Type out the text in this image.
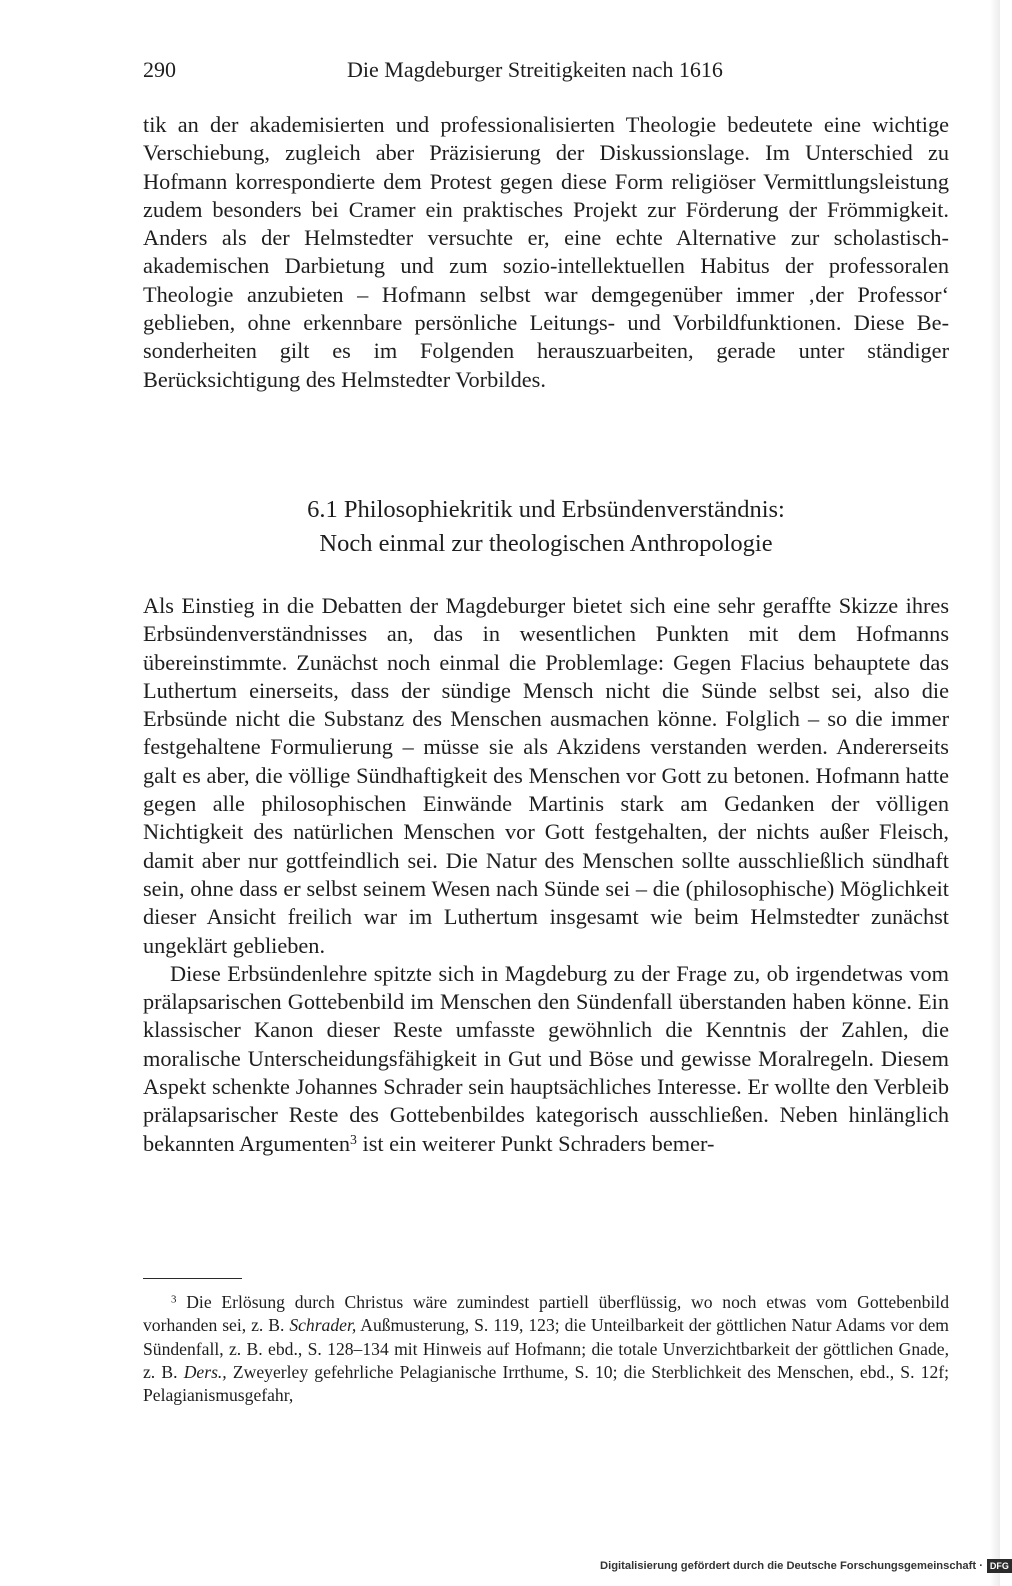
290	Die Magdeburger Streitigkeiten nach 1616

tik an der akademisierten und professionalisierten Theologie bedeutete eine wichtige Verschiebung, zugleich aber Präzisierung der Diskussionslage. Im Unterschied zu Hofmann korrespondierte dem Protest gegen diese Form religiöser Vermittlungsleistung zudem besonders bei Cramer ein praktisches Projekt zur Förderung der Frömmigkeit. Anders als der Helmstedter versuchte er, eine echte Alternative zur scholastisch-akademischen Darbietung und zum sozio-intellektuellen Habitus der professoralen Theologie anzubieten – Hofmann selbst war demgegenüber immer ‚der Professor‘ geblieben, ohne erkennbare persönliche Leitungs- und Vorbildfunktionen. Diese Besonderheiten gilt es im Folgenden herauszuarbeiten, gerade unter ständiger Berücksichtigung des Helmstedter Vorbildes.

6.1 Philosophiekritik und Erbsündenverständnis:
Noch einmal zur theologischen Anthropologie

Als Einstieg in die Debatten der Magdeburger bietet sich eine sehr geraffte Skizze ihres Erbsündenverständnisses an, das in wesentlichen Punkten mit dem Hofmanns übereinstimmte. Zunächst noch einmal die Problemlage: Gegen Flacius behauptete das Luthertum einerseits, dass der sündige Mensch nicht die Sünde selbst sei, also die Erbsünde nicht die Substanz des Menschen ausmachen könne. Folglich – so die immer festgehaltene Formulierung – müsse sie als Akzidens verstanden werden. Andererseits galt es aber, die völlige Sündhaftigkeit des Menschen vor Gott zu betonen. Hofmann hatte gegen alle philosophischen Einwände Martinis stark am Gedanken der völligen Nichtigkeit des natürlichen Menschen vor Gott festgehalten, der nichts außer Fleisch, damit aber nur gottfeindlich sei. Die Natur des Menschen sollte ausschließlich sündhaft sein, ohne dass er selbst seinem Wesen nach Sünde sei – die (philosophische) Möglichkeit dieser Ansicht freilich war im Luthertum insgesamt wie beim Helmstedter zunächst ungeklärt geblieben.

Diese Erbsündenlehre spitzte sich in Magdeburg zu der Frage zu, ob irgendetwas vom prälapsarischen Gottebenbild im Menschen den Sündenfall überstanden haben könne. Ein klassischer Kanon dieser Reste umfasste gewöhnlich die Kenntnis der Zahlen, die moralische Unterscheidungsfähigkeit in Gut und Böse und gewisse Moralregeln. Diesem Aspekt schenkte Johannes Schrader sein hauptsächliches Interesse. Er wollte den Verbleib prälapsarischer Reste des Gottebenbildes kategorisch ausschließen. Neben hinlänglich bekannten Argumenten$^3$ ist ein weiterer Punkt Schraders bemer-

$^3$ Die Erlösung durch Christus wäre zumindest partiell überflüssig, wo noch etwas vom Gottebenbild vorhanden sei, z. B. Schrader, Außmusterung, S. 119, 123; die Unteilbarkeit der göttlichen Natur Adams vor dem Sündenfall, z. B. ebd., S. 128–134 mit Hinweis auf Hofmann; die totale Unverzichtbarkeit der göttlichen Gnade, z. B. Ders., Zweyerley gefehrliche Pelagianische Irrthume, S. 10; die Sterblichkeit des Menschen, ebd., S. 12f; Pelagianismusgefahr,

Digitalisierung gefördert durch die Deutsche Forschungsgemeinschaft · DFG
